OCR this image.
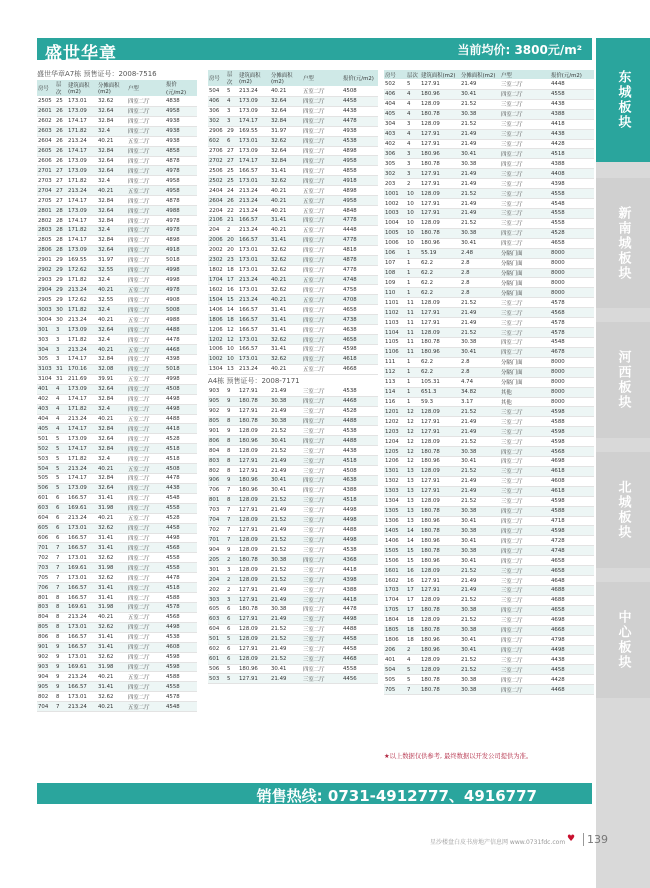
盛世华章	当前均价: 3800元/m²
东城板块
新南城板块
河西板块
北城板块
中心板块
盛世华章A7栋 预售证号：2008-7516
房号	层次	建筑面积(m2)	分摊面积(m2)	户型	报价(元/m2)
2505	25	173.01	32.62	四室二厅	4838
2601	26	173.09	32.64	四室二厅	4958
2602	26	174.17	32.84	四室二厅	4938
2603	26	171.82	32.4	四室二厅	4938
2604	26	213.24	40.21	五室二厅	4938
2605	26	174.17	32.84	四室二厅	4858
2606	26	173.09	32.64	四室二厅	4878
2701	27	173.09	32.64	四室二厅	4978
2703	27	171.82	32.4	四室二厅	4958
2704	27	213.24	40.21	五室二厅	4958
2705	27	174.17	32.84	四室二厅	4878
2801	28	173.09	32.64	四室二厅	4988
2802	28	174.17	32.84	四室二厅	4978
2803	28	171.82	32.4	四室二厅	4978
2805	28	174.17	32.84	四室二厅	4898
2806	28	173.09	32.64	四室二厅	4918
2901	29	169.55	31.97	四室二厅	5018
2902	29	172.62	32.55	四室二厅	4998
2903	29	171.82	32.4	四室二厅	4998
2904	29	213.24	40.21	五室二厅	4978
2905	29	172.62	32.55	四室二厅	4908
3003	30	171.82	32.4	四室二厅	5008
3004	30	213.24	40.21	五室二厅	4988
301	3	173.09	32.64	四室二厅	4488
303	3	171.82	32.4	四室二厅	4478
304	3	213.24	40.21	五室二厅	4468
305	3	174.17	32.84	四室二厅	4398
3103	31	170.16	32.08	四室二厅	5018
3104	31	211.69	39.91	五室二厅	4998
401	4	173.09	32.64	四室二厅	4508
402	4	174.17	32.84	四室二厅	4498
403	4	171.82	32.4	四室二厅	4498
404	4	213.24	40.21	五室二厅	4488
405	4	174.17	32.84	四室二厅	4418
501	5	173.09	32.64	四室二厅	4528
502	5	174.17	32.84	四室二厅	4518
503	5	171.82	32.4	四室二厅	4518
504	5	213.24	40.21	五室二厅	4508
505	5	174.17	32.84	四室二厅	4478
506	5	173.09	32.64	四室二厅	4438
601	6	166.57	31.41	四室二厅	4548
603	6	169.61	31.98	四室二厅	4558
604	6	213.24	40.21	五室二厅	4528
605	6	173.01	32.62	四室二厅	4458
606	6	166.57	31.41	四室二厅	4498
701	7	166.57	31.41	四室二厅	4568
702	7	173.01	32.62	四室二厅	4558
703	7	169.61	31.98	四室二厅	4558
705	7	173.01	32.62	四室二厅	4478
706	7	166.57	31.41	四室二厅	4518
801	8	166.57	31.41	四室二厅	4588
803	8	169.61	31.98	四室二厅	4578
804	8	213.24	40.21	五室二厅	4568
805	8	173.01	32.62	四室二厅	4498
806	8	166.57	31.41	四室二厅	4538
901	9	166.57	31.41	四室二厅	4608
902	9	173.01	32.62	四室二厅	4598
903	9	169.61	31.98	四室二厅	4598
904	9	213.24	40.21	五室二厅	4588
905	9	166.57	31.41	四室二厅	4558
802	8	173.01	32.62	四室二厅	4578
704	7	213.24	40.21	五室二厅	4548
房号	层次	建筑面积(m2)	分摊面积(m2)	户型	报价(元/m2)
504	5	213.24	40.21	五室二厅	4508
406	4	173.09	32.64	四室二厅	4458
306	3	173.09	32.64	四室二厅	4438
302	3	174.17	32.84	四室二厅	4478
2906	29	169.55	31.97	四室二厅	4938
602	6	173.01	32.62	四室二厅	4538
2706	27	173.09	32.64	四室二厅	4898
2702	27	174.17	32.84	四室二厅	4958
2506	25	166.57	31.41	四室二厅	4858
2502	25	173.01	32.62	四室二厅	4918
2404	24	213.24	40.21	五室二厅	4898
2604	26	213.24	40.21	五室二厅	4958
2204	22	213.24	40.21	五室二厅	4848
2106	21	166.57	31.41	四室二厅	4778
204	2	213.24	40.21	五室二厅	4448
2006	20	166.57	31.41	四室二厅	4778
2002	20	173.01	32.62	四室二厅	4818
2302	23	173.01	32.62	四室二厅	4878
1802	18	173.01	32.62	四室二厅	4778
1704	17	213.24	40.21	五室二厅	4748
1602	16	173.01	32.62	四室二厅	4758
1504	15	213.24	40.21	五室二厅	4708
1406	14	166.57	31.41	四室二厅	4658
1806	18	166.57	31.41	四室二厅	4738
1206	12	166.57	31.41	四室二厅	4638
1202	12	173.01	32.62	四室二厅	4658
1006	10	166.57	31.41	四室二厅	4598
1002	10	173.01	32.62	四室二厅	4618
1304	13	213.24	40.21	五室二厅	4668
A4栋 预售证号：2008-7171
903	9	127.91	21.49	三室二厅	4538
905	9	180.78	30.38	四室二厅	4468
902	9	127.91	21.49	三室二厅	4528
805	8	180.78	30.38	四室二厅	4488
901	9	128.09	21.52	三室二厅	4538
806	8	180.96	30.41	四室二厅	4488
804	8	128.09	21.52	三室二厅	4438
803	8	127.91	21.49	三室二厅	4518
802	8	127.91	21.49	三室二厅	4508
906	9	180.96	30.41	四室二厅	4638
706	7	180.96	30.41	四室二厅	4388
801	8	128.09	21.52	三室二厅	4518
703	7	127.91	21.49	三室二厅	4498
704	7	128.09	21.52	三室二厅	4498
702	7	127.91	21.49	三室二厅	4488
701	7	128.09	21.52	三室二厅	4498
904	9	128.09	21.52	三室二厅	4538
205	2	180.78	30.38	四室二厅	4368
301	3	128.09	21.52	三室二厅	4418
204	2	128.09	21.52	三室二厅	4398
202	2	127.91	21.49	三室二厅	4388
303	3	127.91	21.49	三室二厅	4418
605	6	180.78	30.38	四室二厅	4478
603	6	127.91	21.49	三室二厅	4498
604	6	128.09	21.52	三室二厅	4488
501	5	128.09	21.52	三室二厅	4458
602	6	127.91	21.49	三室二厅	4458
601	6	128.09	21.52	三室二厅	4468
506	5	180.96	30.41	四室二厅	4558
503	5	127.91	21.49	三室二厅	4456
房号	层次	建筑面积(m2)	分摊面积(m2)	户型	报价(元/m2)
502	5	127.91	21.49	三室二厅	4448
406	4	180.96	30.41	四室二厅	4558
404	4	128.09	21.52	三室二厅	4438
405	4	180.78	30.38	四室二厅	4388
304	3	128.09	21.52	三室二厅	4418
403	4	127.91	21.49	三室二厅	4438
402	4	127.91	21.49	三室二厅	4428
306	3	180.96	30.41	四室二厅	4518
305	3	180.78	30.38	四室二厅	4388
302	3	127.91	21.49	三室二厅	4408
203	2	127.91	21.49	三室二厅	4398
1001	10	128.09	21.52	三室二厅	4558
1002	10	127.91	21.49	三室二厅	4548
1003	10	127.91	21.49	三室二厅	4558
1004	10	128.09	21.52	三室二厅	4558
1005	10	180.78	30.38	四室二厅	4528
1006	10	180.96	30.41	四室二厅	4658
106	1	55.19	2.48	分隔门面	8000
107	1	62.2	2.8	分隔门面	8000
108	1	62.2	2.8	分隔门面	8000
109	1	62.2	2.8	分隔门面	8000
110	1	62.2	2.8	分隔门面	8000
1101	11	128.09	21.52	三室二厅	4578
1102	11	127.91	21.49	三室二厅	4568
1103	11	127.91	21.49	三室二厅	4578
1104	11	128.09	21.52	三室二厅	4578
1105	11	180.78	30.38	四室二厅	4548
1106	11	180.96	30.41	四室二厅	4678
111	1	62.2	2.8	分隔门面	8000
112	1	62.2	2.8	分隔门面	8000
113	1	105.31	4.74	分隔门面	8000
114	1	651.3	34.82	其他	8000
116	1	59.3	3.17	其他	8000
1201	12	128.09	21.52	三室二厅	4598
1202	12	127.91	21.49	三室二厅	4588
1203	12	127.91	21.49	三室二厅	4598
1204	12	128.09	21.52	三室二厅	4598
1205	12	180.78	30.38	四室二厅	4568
1206	12	180.96	30.41	四室二厅	4698
1301	13	128.09	21.52	三室二厅	4618
1302	13	127.91	21.49	三室二厅	4608
1303	13	127.91	21.49	三室二厅	4618
1304	13	128.09	21.52	三室二厅	4598
1305	13	180.78	30.38	四室二厅	4588
1306	13	180.96	30.41	四室二厅	4718
1405	14	180.78	30.38	四室二厅	4598
1406	14	180.96	30.41	四室二厅	4728
1505	15	180.78	30.38	四室二厅	4748
1506	15	180.96	30.41	四室二厅	4658
1601	16	128.09	21.52	三室二厅	4658
1602	16	127.91	21.49	三室二厅	4648
1703	17	127.91	21.49	三室二厅	4688
1704	17	128.09	21.52	三室二厅	4688
1705	17	180.78	30.38	四室二厅	4658
1804	18	128.09	21.52	三室二厅	4698
1805	18	180.78	30.38	四室二厅	4668
1806	18	180.96	30.41	四室二厅	4798
206	2	180.96	30.41	四室二厅	4498
401	4	128.09	21.52	三室二厅	4438
504	5	128.09	21.52	三室二厅	4458
505	5	180.78	30.38	四室二厅	4428
705	7	180.78	30.38	四室二厅	4468
★以上数据仅供参考, 最终数据以开发公司提供为准。
销售热线: 0731-4912777、4916777
星沙楼盘白皮书房地产信息网 www.0731fdc.com ♥	139
